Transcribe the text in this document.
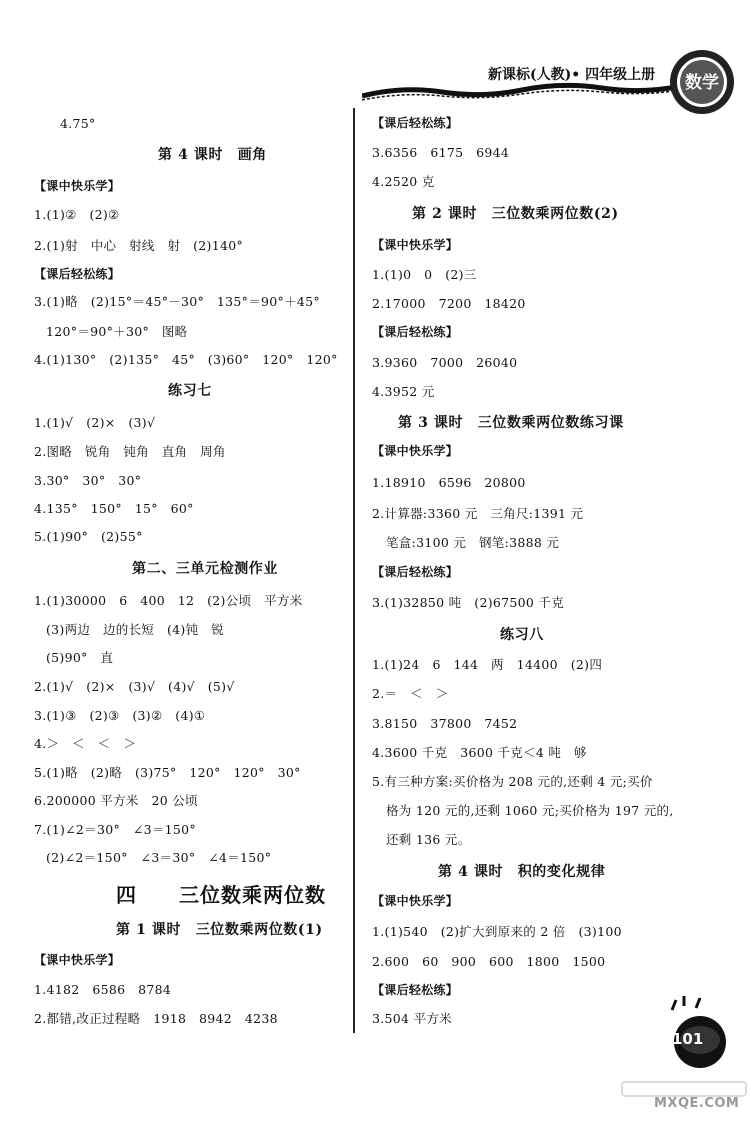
新课标(人教)• 四年级上册 数学
4.75°
第 4 课时　画角
【课中快乐学】
1.(1)②　(2)②
2.(1)射　中心　射线　射　(2)140°
【课后轻松练】
3.(1)略　(2)15°＝45°－30°　135°＝90°＋45°
120°＝90°＋30°　图略
4.(1)130°　(2)135°　45°　(3)60°　120°　120°
练习七
1.(1)√　(2)×　(3)√
2.图略　锐角　钝角　直角　周角
3.30°　30°　30°
4.135°　150°　15°　60°
5.(1)90°　(2)55°
第二、三单元检测作业
1.(1)30000　6　400　12　(2)公顷　平方米
(3)两边　边的长短　(4)钝　锐
(5)90°　直
2.(1)√　(2)×　(3)√　(4)√　(5)√
3.(1)③　(2)③　(3)②　(4)①
4.＞　＜　＜　＞
5.(1)略　(2)略　(3)75°　120°　120°　30°
6.200000 平方米　20 公顷
7.(1)∠2＝30°　∠3＝150°
(2)∠2＝150°　∠3＝30°　∠4＝150°
四　　三位数乘两位数
第 1 课时　三位数乘两位数(1)
【课中快乐学】
1.4182　6586　8784
2.都错,改正过程略　1918　8942　4238
【课后轻松练】
3.6356　6175　6944
4.2520 克
第 2 课时　三位数乘两位数(2)
【课中快乐学】
1.(1)0　0　(2)三
2.17000　7200　18420
【课后轻松练】
3.9360　7000　26040
4.3952 元
第 3 课时　三位数乘两位数练习课
【课中快乐学】
1.18910　6596　20800
2.计算器:3360 元　三角尺:1391 元
笔盒:3100 元　钢笔:3888 元
【课后轻松练】
3.(1)32850 吨　(2)67500 千克
练习八
1.(1)24　6　144　两　14400　(2)四
2.＝　＜　＞
3.8150　37800　7452
4.3600 千克　3600 千克＜4 吨　够
5.有三种方案:买价格为 208 元的,还剩 4 元;买价
格为 120 元的,还剩 1060 元;买价格为 197 元的,
还剩 136 元。
第 4 课时　积的变化规律
【课中快乐学】
1.(1)540　(2)扩大到原来的 2 倍　(3)100
2.600　60　900　600　1800　1500
【课后轻松练】
3.504 平方米
101
MXQE.COM
